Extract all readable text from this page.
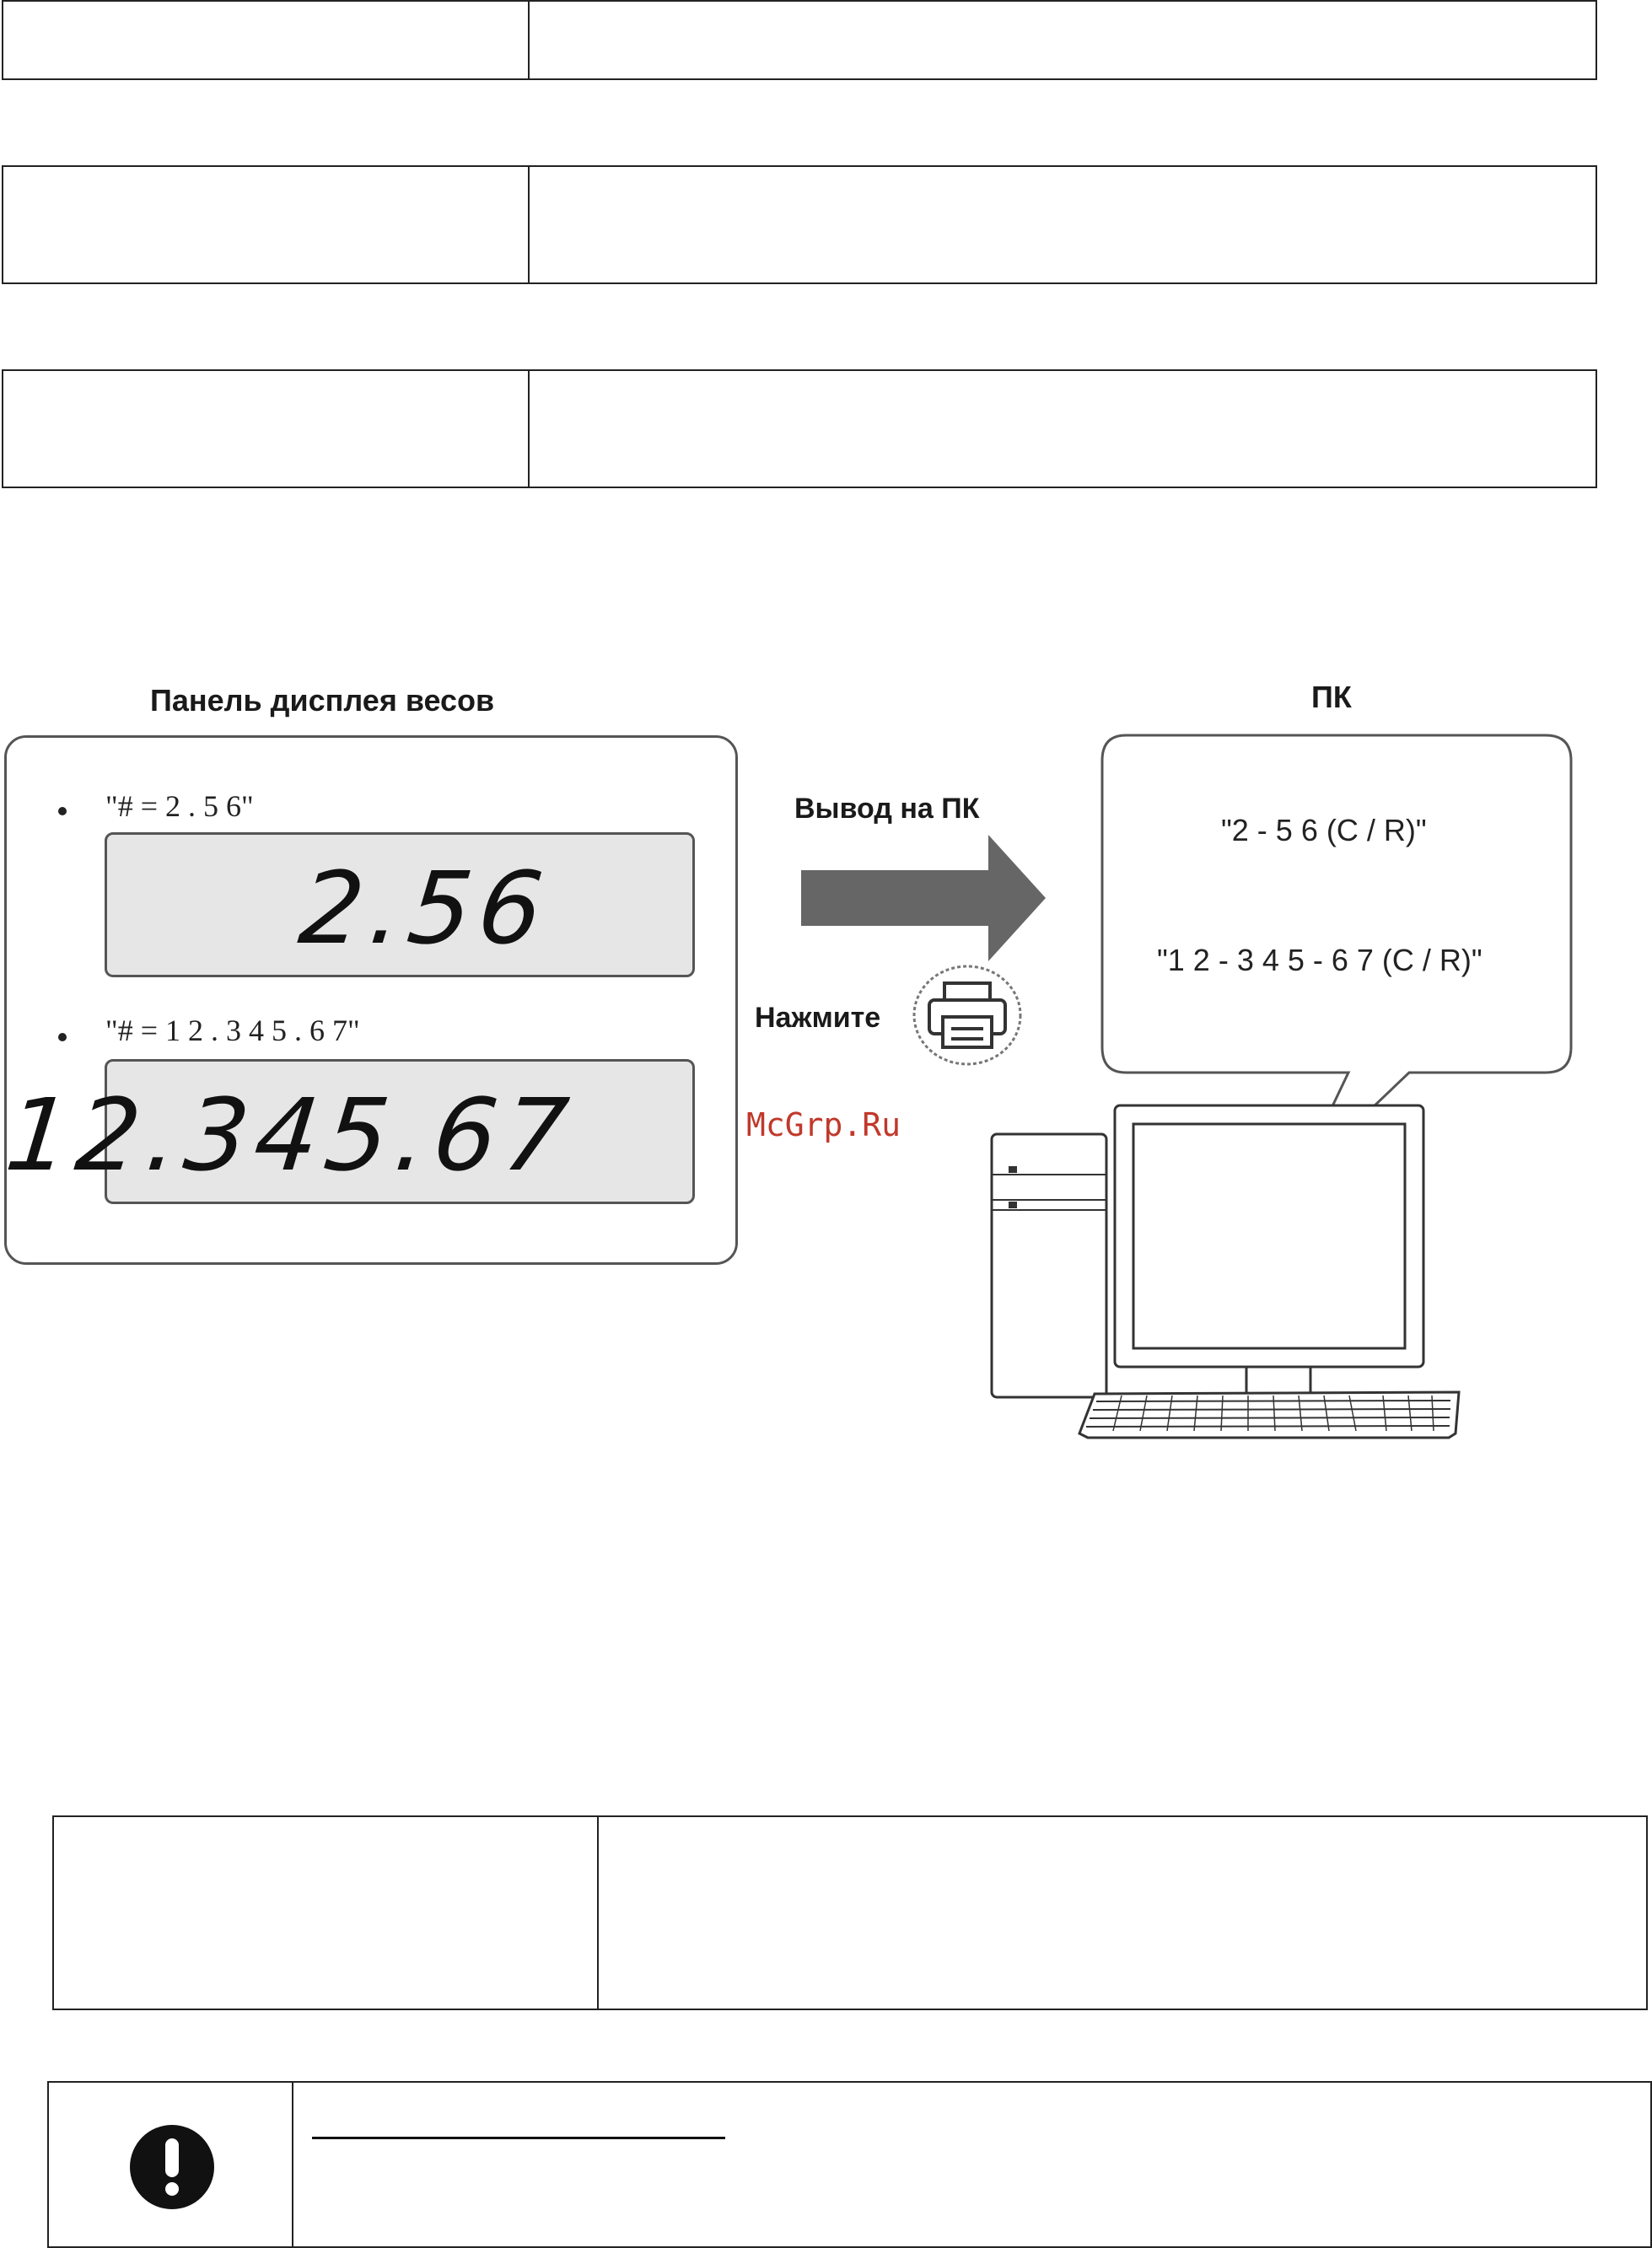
Панель дисплея весов	ПК
"# = 2 . 5 6"
2.56
"# = 1 2 . 3 4 5 . 6 7"
12.345.67
Вывод на ПК
Нажмите
McGrp.Ru
"2 - 5 6 (C / R)"
"1 2 - 3 4 5 - 6 7 (C / R)"
